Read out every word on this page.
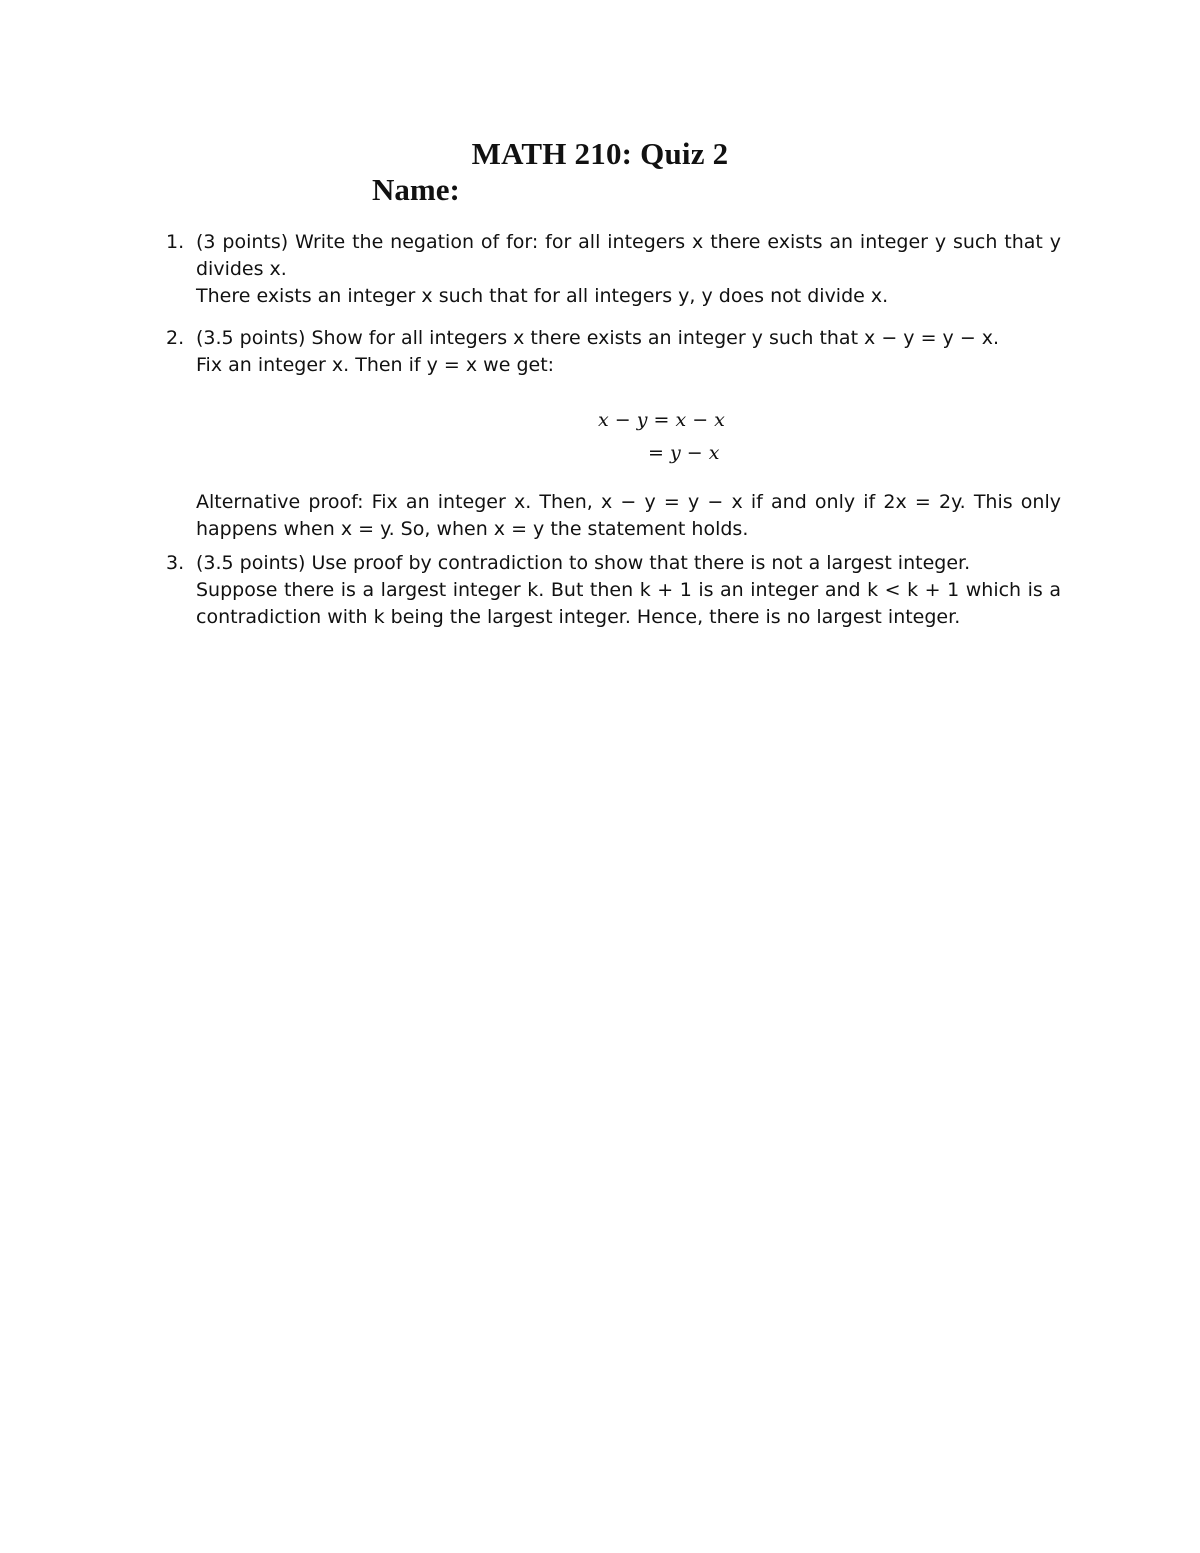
MATH 210: Quiz 2
Name:
1. (3 points) Write the negation of for: for all integers x there exists an integer y such that y divides x.

There exists an integer x such that for all integers y, y does not divide x.

2. (3.5 points) Show for all integers x there exists an integer y such that x − y = y − x.

Fix an integer x. Then if y = x we get:

x − y = x − x
= y − x

Alternative proof: Fix an integer x. Then, x − y = y − x if and only if 2x = 2y. This only happens when x = y. So, when x = y the statement holds.

3. (3.5 points) Use proof by contradiction to show that there is not a largest integer.

Suppose there is a largest integer k. But then k + 1 is an integer and k < k + 1 which is a contradiction with k being the largest integer. Hence, there is no largest integer.
